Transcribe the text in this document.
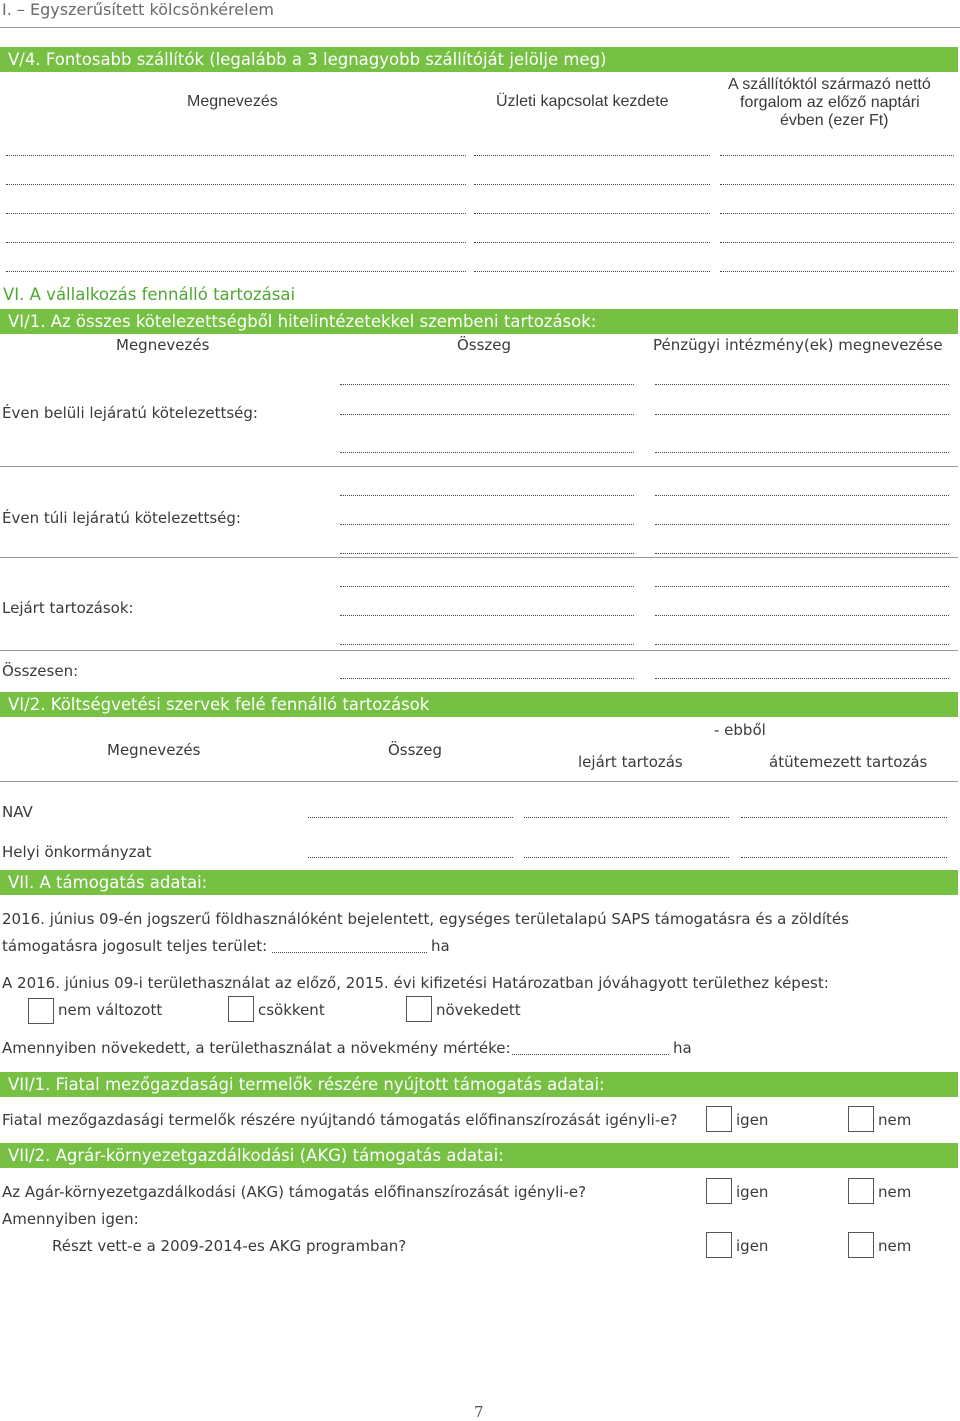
I. – Egyszerűsített kölcsönkérelem
V/4. Fontosabb szállítók (legalább a 3 legnagyobb szállítóját jelölje meg)
Megnevezés	Üzleti kapcsolat kezdete
A szállítóktól származó nettó
forgalom az előző naptári
évben (ezer Ft)
VI. A vállalkozás fennálló tartozásai
VI/1. Az összes kötelezettségből hitelintézetekkel szembeni tartozások:
Megnevezés	Összeg	Pénzügyi intézmény(ek) megnevezése
Éven belüli lejáratú kötelezettség:
Éven túli lejáratú kötelezettség:
Lejárt tartozások:
Összesen:
VI/2. Költségvetési szervek felé fennálló tartozások
Megnevezés	Összeg
- ebből
lejárt tartozás	átütemezett tartozás
NAV
Helyi önkormányzat
VII. A támogatás adatai:
2016. június 09-én jogszerű földhasználóként bejelentett, egységes területalapú SAPS támogatásra és a zöldítés
támogatásra jogosult teljes terület:	ha
A 2016. június 09-i területhasználat az előző, 2015. évi kifizetési Határozatban jóváhagyott területhez képest:
nem változott	csökkent	növekedett
Amennyiben növekedett, a területhasználat a növekmény mértéke:	ha
VII/1. Fiatal mezőgazdasági termelők részére nyújtott támogatás adatai:
Fiatal mezőgazdasági termelők részére nyújtandó támogatás előfinanszírozását igényli-e?	igen	nem
VII/2. Agrár-környezetgazdálkodási (AKG) támogatás adatai:
Az Agár-környezetgazdálkodási (AKG) támogatás előfinanszírozását igényli-e?	igen	nem
Amennyiben igen:
Részt vett-e a 2009-2014-es AKG programban?	igen	nem
7
